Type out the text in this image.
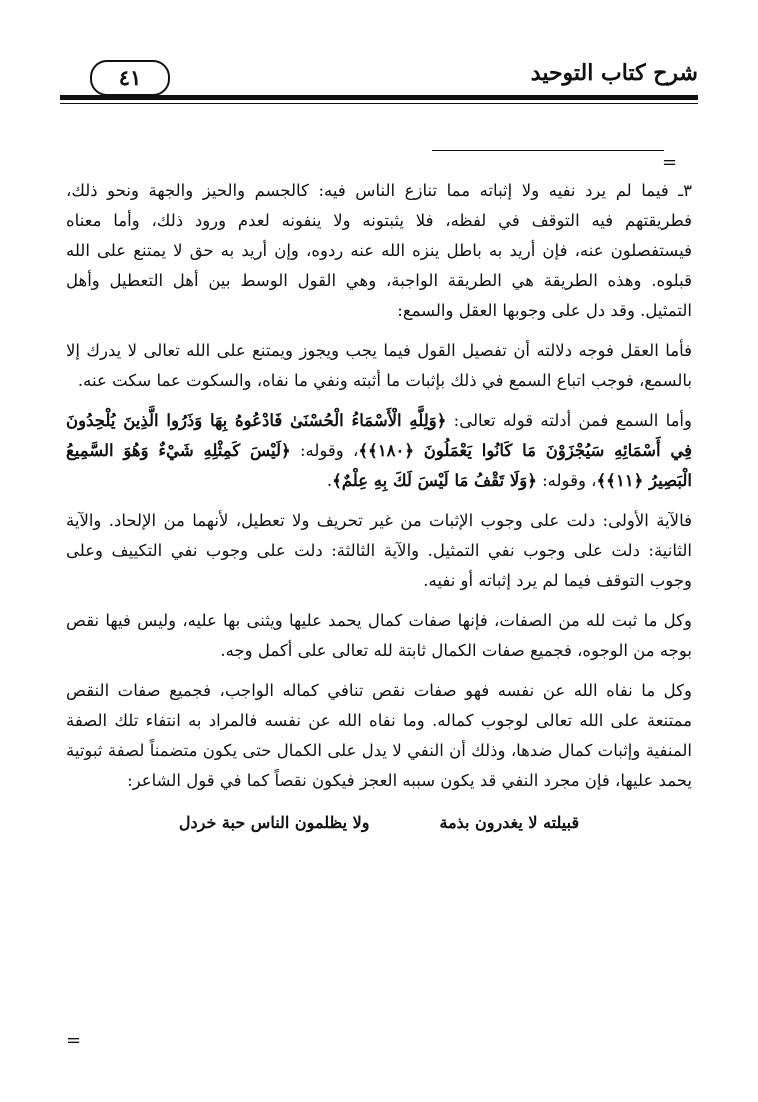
شرح كتاب التوحيد
٤١
=

٣ـ فيما لم يرد نفيه ولا إثباته مما تنازع الناس فيه: كالجسم والحيز والجهة ونحو ذلك، فطريقتهم فيه التوقف في لفظه، فلا يثبتونه ولا ينفونه لعدم ورود ذلك، وأما معناه فيستفصلون عنه، فإن أريد به باطل ينزه الله عنه ردوه، وإن أريد به حق لا يمتنع على الله قبلوه. وهذه الطريقة هي الطريقة الواجبة، وهي القول الوسط بين أهل التعطيل وأهل التمثيل. وقد دل على وجوبها العقل والسمع:

فأما العقل فوجه دلالته أن تفصيل القول فيما يجب ويجوز ويمتنع على الله تعالى لا يدرك إلا بالسمع، فوجب اتباع السمع في ذلك بإثبات ما أثبته ونفي ما نفاه، والسكوت عما سكت عنه.

وأما السمع فمن أدلته قوله تعالى: ﴿وَلِلَّهِ الْأَسْمَاءُ الْحُسْنَىٰ فَادْعُوهُ بِهَا وَذَرُوا الَّذِينَ يُلْحِدُونَ فِي أَسْمَائِهِ سَيُجْزَوْنَ مَا كَانُوا يَعْمَلُونَ ﴿١٨٠﴾﴾، وقوله: ﴿لَيْسَ كَمِثْلِهِ شَيْءٌ وَهُوَ السَّمِيعُ الْبَصِيرُ ﴿١١﴾﴾، وقوله: ﴿وَلَا تَقْفُ مَا لَيْسَ لَكَ بِهِ عِلْمٌ﴾.

فالآية الأولى: دلت على وجوب الإثبات من غير تحريف ولا تعطيل، لأنهما من الإلحاد. والآية الثانية: دلت على وجوب نفي التمثيل. والآية الثالثة: دلت على وجوب نفي التكييف وعلى وجوب التوقف فيما لم يرد إثباته أو نفيه.

وكل ما ثبت لله من الصفات، فإنها صفات كمال يحمد عليها ويثنى بها عليه، وليس فيها نقص بوجه من الوجوه، فجميع صفات الكمال ثابتة لله تعالى على أكمل وجه.

وكل ما نفاه الله عن نفسه فهو صفات نقص تنافي كماله الواجب، فجميع صفات النقص ممتنعة على الله تعالى لوجوب كماله. وما نفاه الله عن نفسه فالمراد به انتفاء تلك الصفة المنفية وإثبات كمال ضدها، وذلك أن النفي لا يدل على الكمال حتى يكون متضمناً لصفة ثبوتية يحمد عليها، فإن مجرد النفي قد يكون سببه العجز فيكون نقصاً كما في قول الشاعر:

قبيلته لا يغدرون بذمة
ولا يظلمون الناس حبة خردل
=
